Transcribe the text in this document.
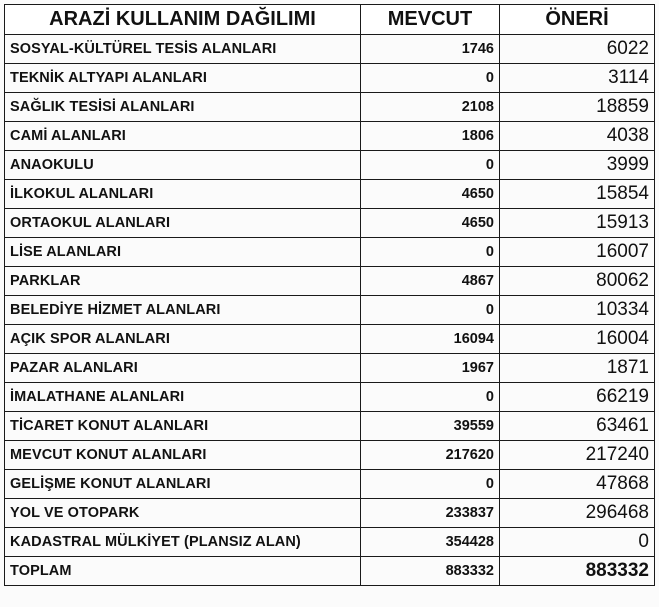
ARAZİ KULLANIM DAĞILIMI	MEVCUT	ÖNERİ
SOSYAL-KÜLTÜREL TESİS ALANLARI	1746	6022
TEKNİK ALTYAPI ALANLARI	0	3114
SAĞLIK TESİSİ ALANLARI	2108	18859
CAMİ ALANLARI	1806	4038
ANAOKULU	0	3999
İLKOKUL ALANLARI	4650	15854
ORTAOKUL ALANLARI	4650	15913
LİSE ALANLARI	0	16007
PARKLAR	4867	80062
BELEDİYE HİZMET ALANLARI	0	10334
AÇIK SPOR ALANLARI	16094	16004
PAZAR ALANLARI	1967	1871
İMALATHANE ALANLARI	0	66219
TİCARET KONUT ALANLARI	39559	63461
MEVCUT KONUT ALANLARI	217620	217240
GELİŞME KONUT ALANLARI	0	47868
YOL VE OTOPARK	233837	296468
KADASTRAL MÜLKİYET (PLANSIZ ALAN)	354428	0
TOPLAM	883332	883332
